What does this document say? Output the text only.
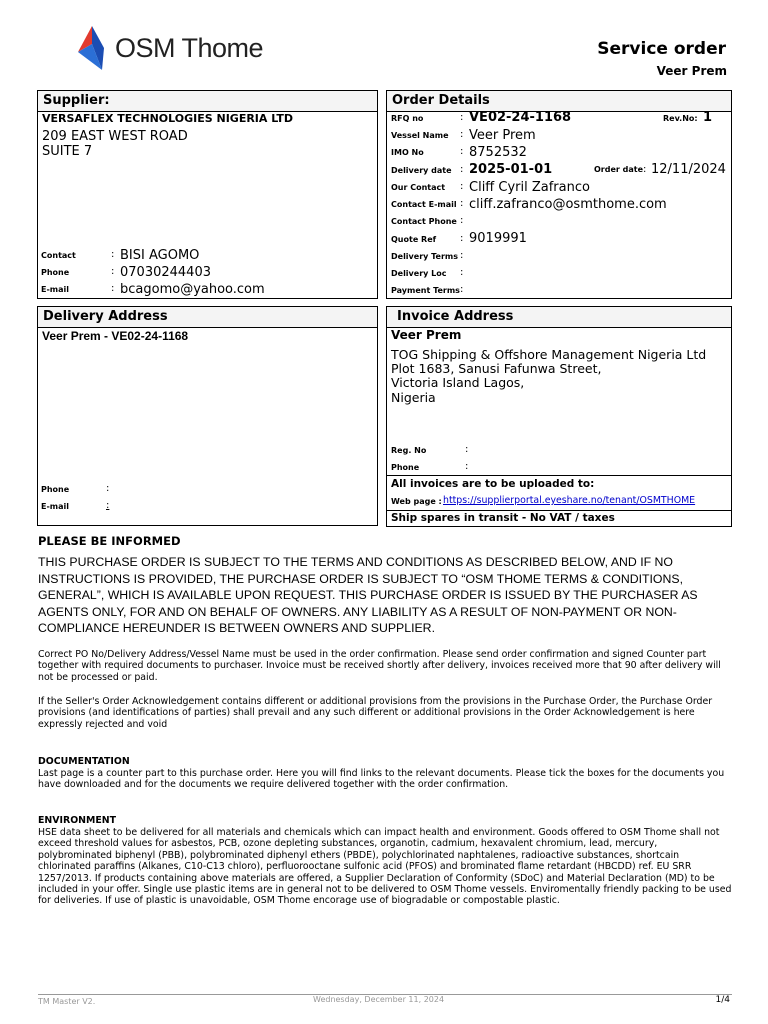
OSM Thome	Service order
Veer Prem
Supplier:
VERSAFLEX TECHNOLOGIES NIGERIA LTD
209 EAST WEST ROAD
SUITE 7
Contact	: BISI AGOMO
Phone	: 07030244403
E-mail	: bcagomo@yahoo.com
Order Details
RFQ no	: VE02-24-1168	Rev.No: 1
Vessel Name : Veer Prem
IMO No	: 8752532
Delivery date : 2025-01-01	Order date : 12/11/2024
Our Contact : Cliff Cyril Zafranco
Contact E-mail : cliff.zafranco@osmthome.com
Contact Phone :
Quote Ref : 9019991
Delivery Terms :
Delivery Loc :
Payment Terms :
Delivery Address
Veer Prem - VE02-24-1168
Phone	:
E-mail	:
Invoice Address
Veer Prem
TOG Shipping & Offshore Management Nigeria Ltd
Plot 1683, Sanusi Fafunwa Street,
Victoria Island Lagos,
Nigeria
Reg. No	:
Phone	:
All invoices are to be uploaded to:
Web page : https://supplierportal.eyeshare.no/tenant/OSMTHOME
Ship spares in transit - No VAT / taxes
PLEASE BE INFORMED

THIS PURCHASE ORDER IS SUBJECT TO THE TERMS AND CONDITIONS AS DESCRIBED BELOW, AND IF NO INSTRUCTIONS IS PROVIDED, THE PURCHASE ORDER IS SUBJECT TO “OSM THOME TERMS & CONDITIONS, GENERAL”, WHICH IS AVAILABLE UPON REQUEST. THIS PURCHASE ORDER IS ISSUED BY THE PURCHASER AS AGENTS ONLY, FOR AND ON BEHALF OF OWNERS. ANY LIABILITY AS A RESULT OF NON-PAYMENT OR NON-COMPLIANCE HEREUNDER IS BETWEEN OWNERS AND SUPPLIER.

Correct PO No/Delivery Address/Vessel Name must be used in the order confirmation. Please send order confirmation and signed Counter part together with required documents to purchaser. Invoice must be received shortly after delivery, invoices received more that 90 after delivery will not be processed or paid.

If the Seller's Order Acknowledgement contains different or additional provisions from the provisions in the Purchase Order, the Purchase Order provisions (and identifications of parties) shall prevail and any such different or additional provisions in the Order Acknowledgement is here expressly rejected and void

DOCUMENTATION

Last page is a counter part to this purchase order. Here you will find links to the relevant documents. Please tick the boxes for the documents you have downloaded and for the documents we require delivered together with the order confirmation.

ENVIRONMENT

HSE data sheet to be delivered for all materials and chemicals which can impact health and environment. Goods offered to OSM Thome shall not exceed threshold values for asbestos, PCB, ozone depleting substances, organotin, cadmium, hexavalent chromium, lead, mercury, polybrominated biphenyl (PBB), polybrominated diphenyl ethers (PBDE), polychlorinated naphtalenes, radioactive substances, shortcain chlorinated paraffins (Alkanes, C10-C13 chloro), perfluorooctane sulfonic acid (PFOS) and brominated flame retardant (HBCDD) ref. EU SRR 1257/2013. If products containing above materials are offered, a Supplier Declaration of Conformity (SDoC) and Material Declaration (MD) to be included in your offer. Single use plastic items are in general not to be delivered to OSM Thome vessels. Enviromentally friendly packing to be used for deliveries. If use of plastic is unavoidable, OSM Thome encorage use of biogradable or compostable plastic.

TM Master V2.	Wednesday, December 11, 2024	1/4
